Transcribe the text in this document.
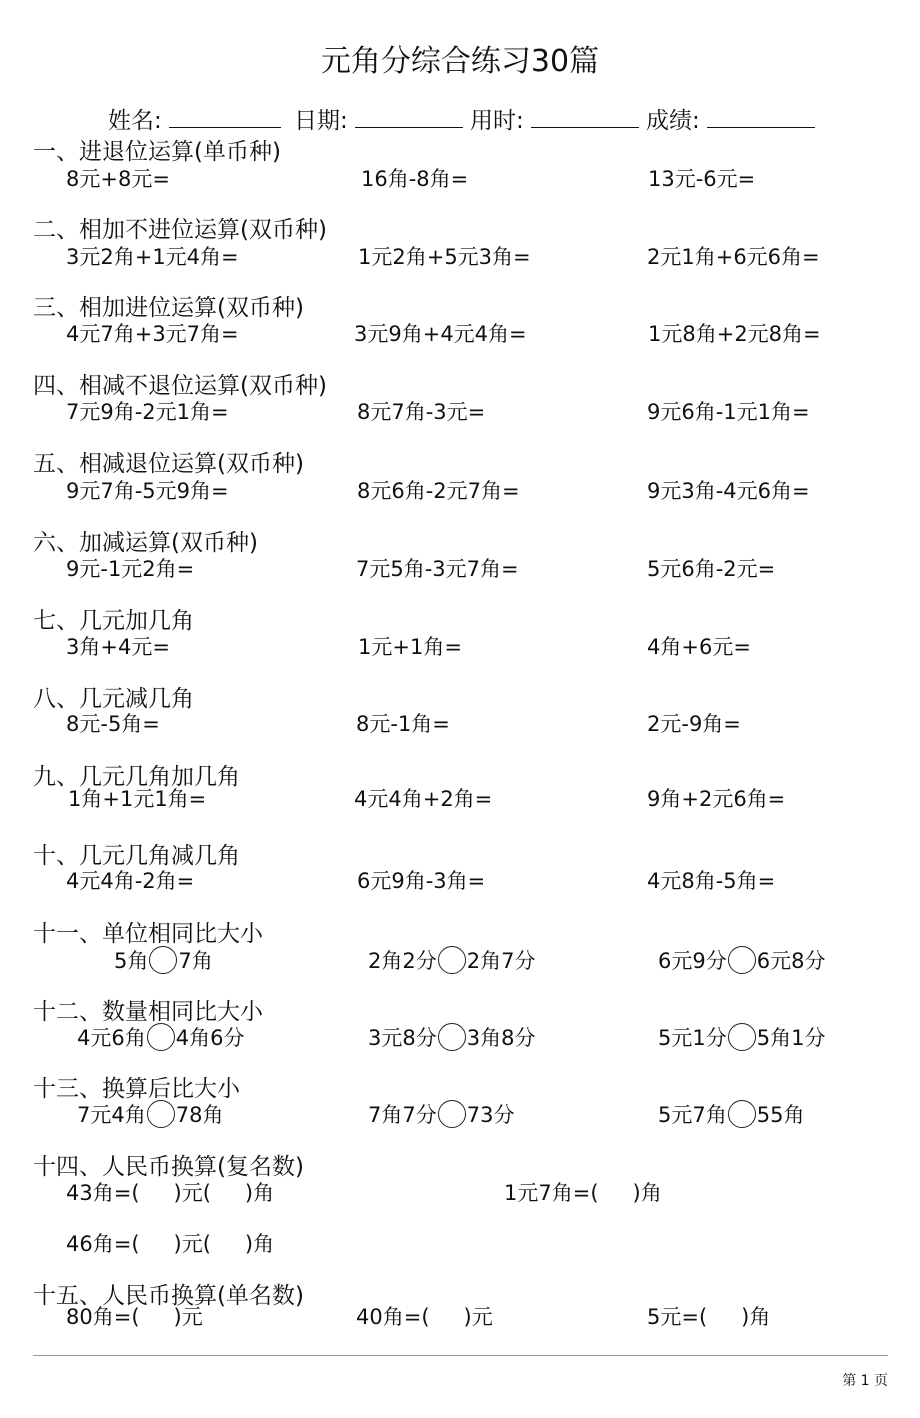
元角分综合练习30篇
姓名:	日期:	用时:	成绩:
一、进退位运算(单币种)
8元+8元=	16角-8角=	13元-6元=
二、相加不进位运算(双币种)
3元2角+1元4角=	1元2角+5元3角=	2元1角+6元6角=
三、相加进位运算(双币种)
4元7角+3元7角=	3元9角+4元4角=	1元8角+2元8角=
四、相减不退位运算(双币种)
7元9角-2元1角=	8元7角-3元=	9元6角-1元1角=
五、相减退位运算(双币种)
9元7角-5元9角=	8元6角-2元7角=	9元3角-4元6角=
六、加减运算(双币种)
9元-1元2角=	7元5角-3元7角=	5元6角-2元=
七、几元加几角
3角+4元=	1元+1角=	4角+6元=
八、几元减几角
8元-5角=	8元-1角=	2元-9角=
九、几元几角加几角
1角+1元1角=	4元4角+2角=	9角+2元6角=
十、几元几角减几角
4元4角-2角=	6元9角-3角=	4元8角-5角=
十一、单位相同比大小
5角 7角	2角2分 2角7分	6元9分 6元8分
十二、数量相同比大小
4元6角 4角6分	3元8分 3角8分	5元1分 5角1分
十三、换算后比大小
7元4角 78角	7角7分 73分	5元7角 55角
十四、人民币换算(复名数)
43角=( )元( )角	1元7角=( )角
46角=( )元( )角
十五、人民币换算(单名数)
80角=( )元	40角=( )元	5元=( )角
第 1 页
